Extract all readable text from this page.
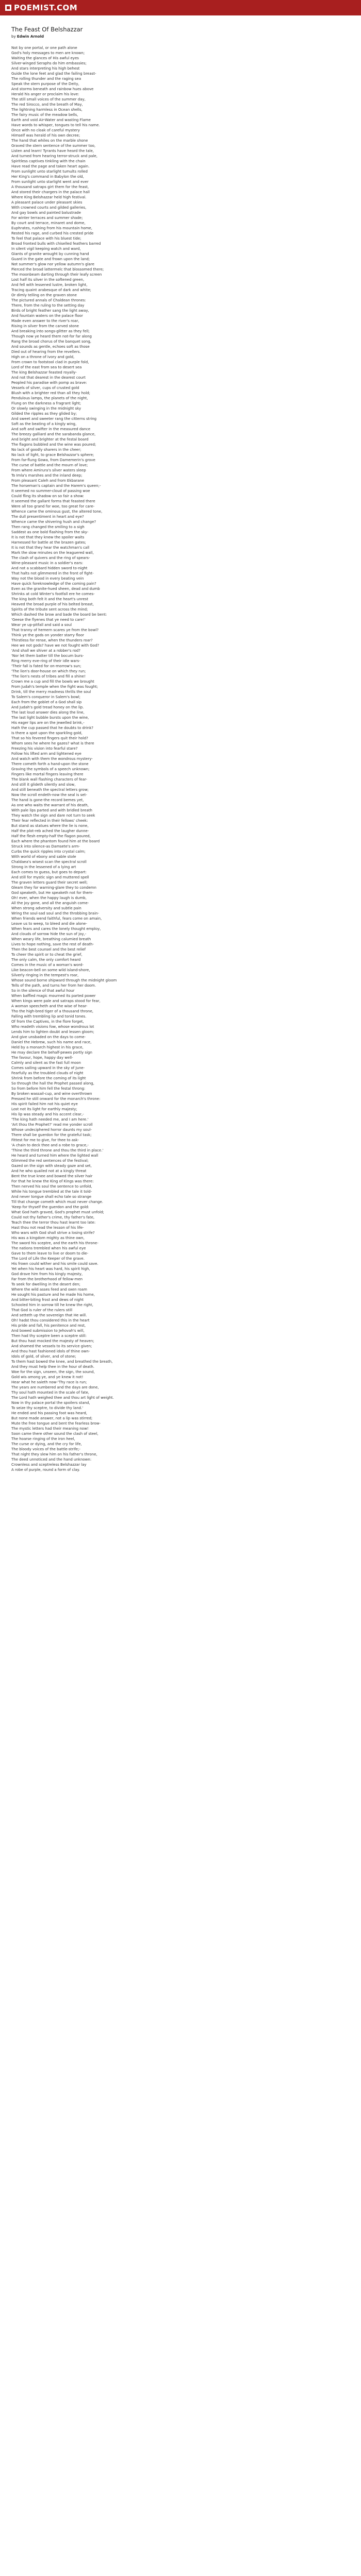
POEMIST.COM
The Feast Of Belshazzar
by Edwin Arnold
Not by one portal, or one path alone
God's holy messages to men are known;
Waiting the glances of His awful eyes
Silver-winged Seraphs do him embassies;
And stars interpreting his high behest
Guide the lone feet and glad the failing breast-
The rolling thunder and the raging sea
Speak the stern purpose of the Deity,
And storms beneath and rainbow hues above
Herald his anger or proclaim his love:
The still small voices of the summer day,
The red Sirocco, and the breath of May,
The lightning harmless in Ocean shells,
The fairy music of the meadow bells,
Earth and void Air-Water and wasting Flame
Have words to whisper, tongues to tell his name.
Once with no cloak of careful mystery
Himself was herald of his own decree;
The hand that whiles on the marble shone
Graved the stern sentence of the summer too,
Listen and learn! Tyrants have heard the tale,
And turned from hearing terror-struck and pale,
Spiritless captives tinkling with the chain
Have read the page and taken heart again.
From sunlight unto starlight tumults rolled
Her King's command in Babylon the old,
From sunlight unto starlight went and ever
A thousand satraps girt them for the feast,
And stored their chargers in the palace hall
Where King Belshazzar held high festival.
A pleasant palace under pleasant skies
With crowned courts and gilded galleries,
And gay bowls and painted balustrade
For winter terraces and summer shade;
By court and terrace, minaret and dome,
Euphrates, rushing from his mountain home,
Rested his rage, and curbed his crested pride
To feel that palace with his bluest tide;
Broad fronted bulls with chiselled feathers barred
In silent vigil keeping watch and ward,
Giants of granite wrought by cunning hand
Guard in the gate and frown upon the land;
Not summer's glow nor yellow autumn's glare
Pierced the broad lattermelc that blossomed there;
The moonbeam darting through their leafy screen
Lost half its silver in the softened green,
And fell with lessened lustre, broken light,
Tracing quaint arabesque of dark and white;
Or dimly telling on the graven stone
The pictured annals of Chaldean thrones:
There, from the ruling to the setting day
Birds of bright feather sang the light away,
And fountain waters on the palace floor
Made even answer to the river's roar,
Rising in silver from the carved stone
And breaking into songs-glitter as they fell;
Though now ye heard them not-for far along
Rang the broad chorus of the banquet song,
And sounds as gentle, echoes soft as those
Died out of hearing from the revellers.
High on a throne of ivory and gold,
From crown to footstool clad in purple fold,
Lord of the east from sea to desert sea
The king Belshazzar feasted royally-
And not that dearest in the dearest court
Peopled his paradise with pomp as brave:
Vessels of silver, cups of crusted gold
Blush with a brighter red than all they hold;
Pendulous lamps, the planets of the night,
Flung on the darkness a fragrant light;
Or slowly swinging in the midnight sky
Gilded the ripples as they glided by;
And sweet and sweeter rang the citterns string
Soft as the beating of a kingly wing,
And soft and swifter in the measured dance
The breezy galliard and the sarabanda glance,
And bright and brighter at the festal board
The flagons bubbled and the wine was poured;
No lack of goodly sharers in the cheer;
No lack of light, to grace Belshazzar's sphere;
From far-flung Gowa, from Damemerin's grove
The curse of battle and the mourn of love;
From where Amirura's silver waters sleep
To Imla's marshes and the inland deep;
From pleasant Caleh and from Ekbarane
The horseman's captain and the Harem's queen;-
It seemed no summer-cloud of passing woe
Could fling its shadow on so fair a show:
It seemed the gallant forms that feasted there
Were all too grand for woe, too great for care-
Whence came the ominous gust, the altered tone,
The dull presentiment in heart and eye?
Whence came the shivering hush and change?
Then rang changed the smiling to a sigh
Saddest as one bold flashing from the sky-
It is not that they knew the spoiler waits
Harnessed for battle at the brazen gates;
It is not that they hear the watchman's call
Mark the slow minutes on the leaguered wall,
The clash of quivers and the ring of spears-
Wine-pleasant music in a soldier's ears:
And not a scabbard hidden sword to-night
That halts not glimmered in the front of fight-
Way not the blood in every beating vein
Have quick foreknowledge of the coming pain?
Even as the granite-hued sheen, dead and dumb
Shrinks at cold Winter's footfall ere he comes-
The king both felt it and the heart's unrest
Heaved the broad purple of his belted breast,
Spirits of the tribute sent across the mind;
Which dashed the brow and bade the board be bent:
'Geese the flyenes that ye need to care!'
Wear ye up-pitfall and said a soul
That tranny of hemern scares ye from the bowl?
Think ye the gods on yonder starry floor
Thirstless for rense, when the thunders roar?
Hee we not gods? have we not fought with God?
'And shall we shiver at a robber's rod?
'Nor let them batter till the bocum burs-
Ring merry eve-ring of their idle wars-
'Their fall is fated for on-morrow's sun;
'The lion's door-house on which they run;
'The lion's nests of tribes and fill a shine!
Crown me a cup and fill the bowls we brought
From Judah's temple when the fight was fought;
Drink, till the merry madness thrills the soul
To Salem's conqueror in Salem's bowl;
Each from the goblet of a God shall sip
And Judah's gold tread honey on the lip.
The last loud answer dies along the line,
The last light bubble bursts upon the wine,
His eager lips are on the jewelled brink,-
Hath the cup passed that he doubts to drink?
Is there a spot upon the sparkling gold,
That so his fevered fingers quit their hold?
Whom sees he where he gazes? what is there
Freezing his vision into fearful stare?
Follow his lifted arm and lightened eye
And watch with them the wondrous mystery-
There cometh forth a hand-upon the stone
Graving the symbols of a speech unknown;
Fingers like mortal fingers leaving there
The blank wall flashing characters of fear-
And still it glideth silently and slow,
And still beneath the spectral letters grow;
Now the scroll endeth-now the seal is set-
The hand is gone-the record bemes yet,
As one who waits the warrant of his death,
With pale lips parted and with bridled breath
They watch the sign and dare not turn to seek
Their fear reflected in their fellows' cheek:
But stand as statues where the lie is none,
Half the plot-reb ached the laugher dunne-
Half the flesh empty-half the flagon poured,
Each where the phantom found him at the board
Struck into silence-as Damsete's arm-
Curbs the quick ripples into crystal calm;
With world of ebony and sable stole
Chaldaea's wisest scan the spectral scroll
Strong in the lessened of a lying art
Each comes to guess, but goes to depart:
And still for mystic sign and muttered spell
The graven letters guard their secret well;
Gleam they for warning-glare they to condemn
God speaketh, but He speaketh not for them-
Oh! ever, when the happy laugh is dumb,
All the joy gone, and all the anguish come-
When strong adversity and subtle pain
Wring the soul-sad soul and the throbbing brain-
When friends wend faithful, fears come on amain,
Leave us to weep, to bleed and die alone-
When fears and cares the lonely thought employ,
And clouds of sorrow hide the sun of joy,-
When weary life, breathing calumied breath
Lives to hope nothing, save the rest of death-
Then the best counsel and the best relief
To cheer the spirit or to cheat the grief,
The only calm, the only comfort heard
Comes in the music of a woman's word-
Like beacon-bell on some wild island-shore,
Silverly ringing in the tempest's roar,
Whose sound borne shipward through the midnight gloom
Tells of the path, and turns her from her doom.
So in the silence of that awful hour
When baffled magic mourned its parted power
When kings were pale and satraps stood for fear,
A woman speecheth and the wise of hear-
Tho the high-bred tiger of a thousand throne,
Falling with trembling lip and tonid tones.
Of from the Captives, in the flore forget,
Who readeth visions fow, whose wondrous lot
Lends him to lighten doubt and lessen gloom;
And give unsbaded on the days to come-
Daniel the Hebrew, such his name and race,
Held by a monarch highest in his grace,
He may declare the behalf-pewes portly sign
The favour, hope, happy day well-
Calmly and silent as the fast full moon
Comes sailing upward in the sky of June-
Fearfully as the troubled clouds of night
Shrink from before the coming of its light
So through the hall the Prophet passed along,
So from before him fell the festal throng:
By broken wassail-cup, and wine overthrown
Pressed he still onward for the monarch's throne:
His spirit failed him not his quiet eye
Lost not its light for earthly majesty;
His lip was steady and his accent clear,-
'The king hath needed me, and I am here.'
'Art thou the Prophet?' read me yonder scroll
Whose undeciphered horror daunts my soul-
There shall be guerdon for the grateful task;
Fittest for me to give, for thee to ask-
'A chain to deck thee and a robe to grace,-
'Thine the third throne and thou the third in place.'
He heard and turned him where the lighted wall
Glimmed the red sentences of the festival;
Gazed on the sign with steady gaze and set,
And he who quailed not at a kingly threat
Bent the true knee and bowed the silver hair
For that he knew the King of Kings was there:
Then nerved his soul the sentence to unfold,
While his tongue trembled at the tale it told-
And never tongue shall echo tale so strange
Till that change cometh which must never change.
'Keep for thyself the guerdon and the gold:
What God hath graved, God's prophet must unfold;
Could not thy father's crime, thy father's fate,
Teach thee the terror thou hast learnt too late:
Hast thou not read the lesson of his life-
Who wars with God shall strive a losing strife?
His was a kingdom mighty as thine own,
The sword his sceptre, and the earth his throne-
The nations trembled when his awful eye
Gave to them leave to live or doom to die-
The Lord of Life the Keeper of the grave.
His frown could wither and his smile could save.
Yet when his heart was hard, his spirit high,
God drave him from his kingly majesty,
Far from the brotherhood of fellow-men
To seek for dwelling in the desert den;
Where the wild asses feed and oxen roam
He sought his pasture and he made his home,
And bitter-biting frost and dews of night
Schooled him in sorrow till he knew the right,
That God is ruler of the rulers still
And setteth up the sovereign that He will.
Oh! hadst thou considered this in the heart
His pride and fall, his penitence and rest,
And bowed submission to Jehovah's will,
Then had thy sceptre been a sceptre still:
But thou hast mocked the majesty of heaven;
And shamed the vessels to its service given;
And thou hast fashioned idols of thine own-
Idols of gold, of silver, and of stone;
To them hast bowed the knee, and breathed the breath,
And they must help thee in the hour of death.
Woe for the sign, unseen, the sign, the sound,
Gold wis among ye, and ye knew it not!
Hear what he saieth now-'Thy race is run;
The years are numbered and the days are done,
Thy soul hath mounted in the scale of fate,
The Lord hath weighed thee and thou art light of weight.
Now in thy palace portal the spoilers stand,
To seize thy sceptre, to divide thy land.'
He ended and his passing foot was heard,
But none made answer, not a lip was stirred;
Mute the free tongue and bent the fearless brow-
The mystic letters had their meaning now!
Soon came there other sound the clash of steel,
The hoarse ringing of the iron heel,
The curse or dying, and the cry for life,
The bloody voices of the battle-strife;-
That night they slew him on his father's throne,
The deed unnoticed and the hand unknown:
Crownless and sceptreless Belshazzar lay
A robe of purple, round a form of clay.
